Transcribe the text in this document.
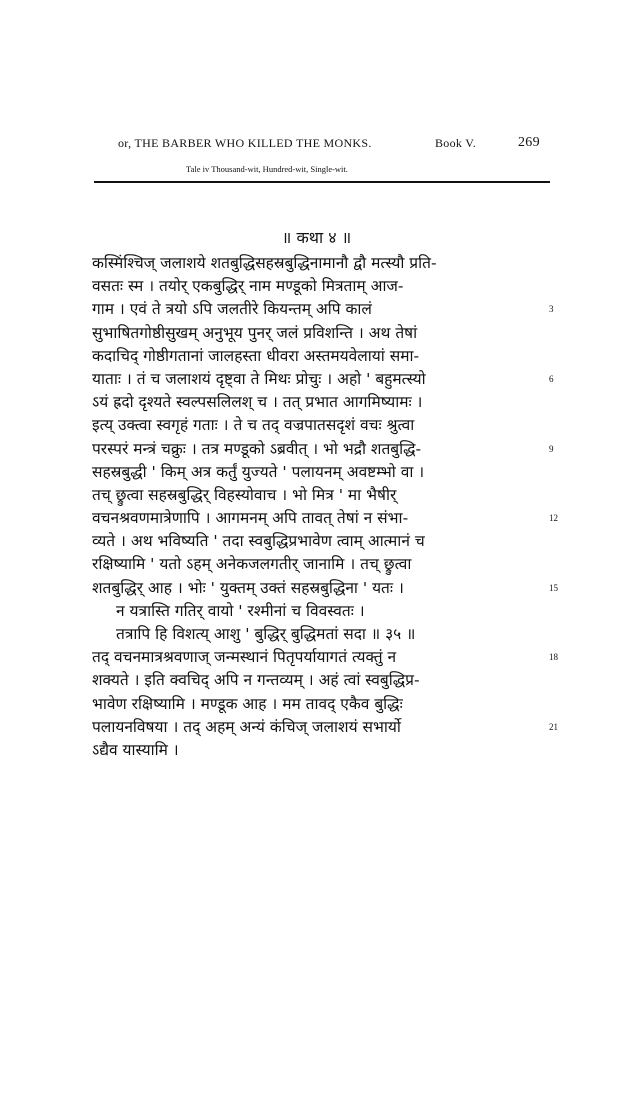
or, THE BARBER WHO KILLED THE MONKS.	Book V.	269
Tale iv Thousand-wit, Hundred-wit, Single-wit.
॥ कथा ४ ॥
कस्मिंश्चिज् जलाशये शतबुद्धिसहस्रबुद्धिनामानौ द्वौ मत्स्यौ प्रति-
वसतः स्म । तयोर् एकबुद्धिर् नाम मण्डूको मित्रताम् आज-
गाम । एवं ते त्रयो ऽपि जलतीरे कियन्तम् अपि कालं
सुभाषितगोष्ठीसुखम् अनुभूय पुनर् जलं प्रविशन्ति । अथ तेषां
कदाचिद् गोष्ठीगतानां जालहस्ता धीवरा अस्तमयवेलायां समा-
याताः । तं च जलाशयं दृष्ट्वा ते मिथः प्रोचुः । अहो ' बहुमत्स्यो
ऽयं ह्रदो दृश्यते स्वल्पसलिलश् च । तत् प्रभात आगमिष्यामः ।
इत्य् उक्त्वा स्वगृहं गताः । ते च तद् वज्रपातसदृशं वचः श्रुत्वा
परस्परं मन्त्रं चक्रुः । तत्र मण्डूको ऽब्रवीत् । भो भद्रौ शतबुद्धि-
सहस्रबुद्धी ' किम् अत्र कर्तुं युज्यते ' पलायनम् अवष्टम्भो वा ।
तच् छ्रुत्वा सहस्रबुद्धिर् विहस्योवाच । भो मित्र ' मा भैषीर्
वचनश्रवणमात्रेणापि । आगमनम् अपि तावत् तेषां न संभा-
व्यते । अथ भविष्यति ' तदा स्वबुद्धिप्रभावेण त्वाम् आत्मानं च
रक्षिष्यामि ' यतो ऽहम् अनेकजलगतीर् जानामि । तच् छ्रुत्वा
शतबुद्धिर् आह । भोः ' युक्तम् उक्तं सहस्रबुद्धिना ' यतः ।
न यत्रास्ति गतिर् वायो ' रश्मीनां च विवस्वतः ।
तत्रापि हि विशत्य् आशु ' बुद्धिर् बुद्धिमतां सदा ॥ ३५ ॥
तद् वचनमात्रश्रवणाज् जन्मस्थानं पितृपर्यायागतं त्यक्तुं न
शक्यते । इति क्वचिद् अपि न गन्तव्यम् । अहं त्वां स्वबुद्धिप्र-
भावेण रक्षिष्यामि । मण्डूक आह । मम तावद् एकैव बुद्धिः
पलायनविषया । तद् अहम् अन्यं कंचिज् जलाशयं सभार्यो
ऽद्यैव यास्यामि ।
3
6
9
12
15
18
21
